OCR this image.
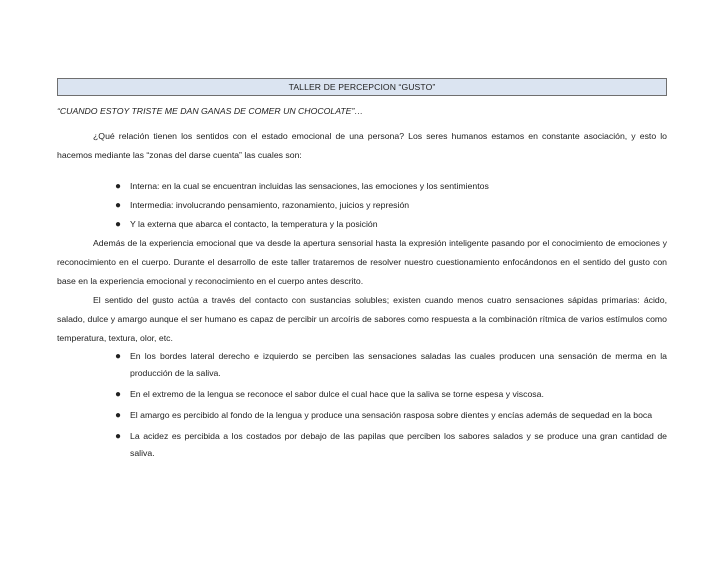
TALLER DE PERCEPCION “GUSTO”

“CUANDO ESTOY TRISTE ME DAN GANAS DE COMER UN CHOCOLATE”…

¿Qué relación tienen los sentidos con el estado emocional de una persona? Los seres humanos estamos en constante asociación, y esto lo hacemos mediante las “zonas del darse cuenta” las cuales son:

● Interna: en la cual se encuentran incluidas las sensaciones, las emociones y los sentimientos
● Intermedia: involucrando pensamiento, razonamiento, juicios y represión
● Y la externa que abarca el contacto, la temperatura y la posición

Además de la experiencia emocional que va desde la apertura sensorial hasta la expresión inteligente pasando por el conocimiento de emociones y reconocimiento en el cuerpo. Durante el desarrollo de este taller trataremos de resolver nuestro cuestionamiento enfocándonos en el sentido del gusto con base en la experiencia emocional y reconocimiento en el cuerpo antes descrito.

El sentido del gusto actúa a través del contacto con sustancias solubles; existen cuando menos cuatro sensaciones sápidas primarias: ácido, salado, dulce y amargo aunque el ser humano es capaz de percibir un arcoíris de sabores como respuesta a la combinación rítmica de varios estímulos como temperatura, textura, olor, etc.

● En los bordes lateral derecho e izquierdo se perciben las sensaciones saladas las cuales producen una sensación de merma en la producción de la saliva.
● En el extremo de la lengua se reconoce el sabor dulce el cual hace que la saliva se torne espesa y viscosa.
● El amargo es percibido al fondo de la lengua y produce una sensación rasposa sobre dientes y encías además de sequedad en la boca
● La acidez es percibida a los costados por debajo de las papilas que perciben los sabores salados y se produce una gran cantidad de saliva.
